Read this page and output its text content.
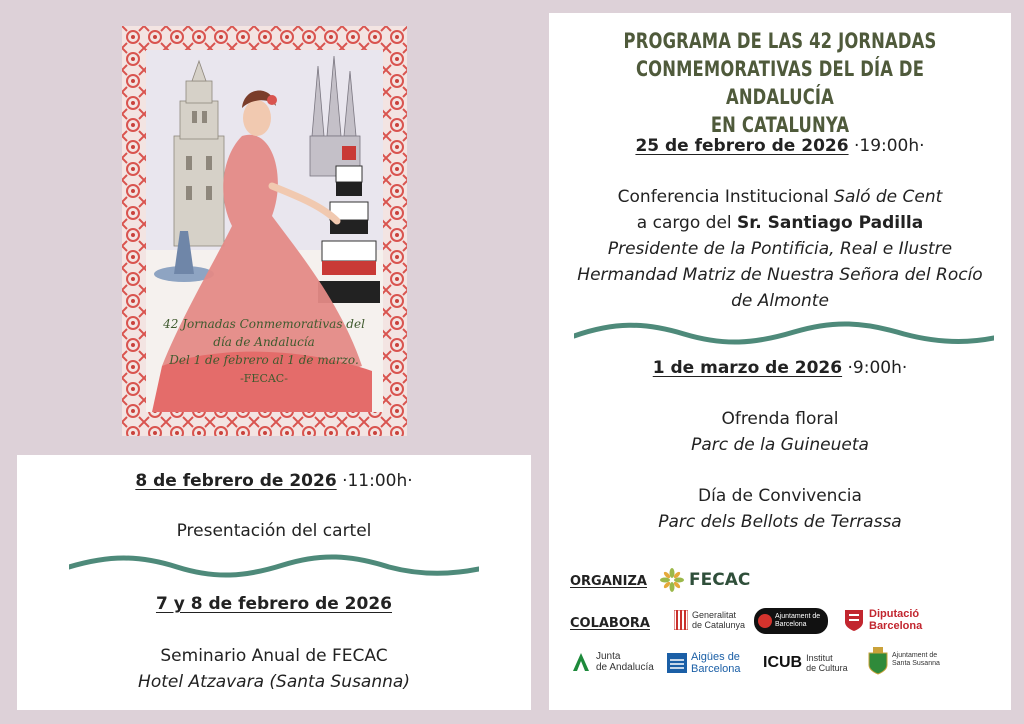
42 Jornadas Conmemorativas del
día de Andalucía
Del 1 de febrero al 1 de marzo.
-FECAC-
PROGRAMA DE LAS 42 JORNADAS
CONMEMORATIVAS DEL DÍA DE ANDALUCÍA
EN CATALUNYA
25 de febrero de 2026 ·19:00h·
Conferencia Institucional Saló de Cent
a cargo del Sr. Santiago Padilla
Presidente de la Pontificia, Real e Ilustre
Hermandad Matriz de Nuestra Señora del Rocío
de Almonte
1 de marzo de 2026 ·9:00h·
Ofrenda floral
Parc de la Guineueta
Día de Convivencia
Parc dels Bellots de Terrassa
ORGANIZA FECAC
COLABORA
Generalitat
de Catalunya
Ajuntament de
Barcelona
Diputació
Barcelona
Junta
de Andalucía
Aigües de
Barcelona ICUB Institut
de Cultura
Ajuntament de
Santa Susanna
8 de febrero de 2026 ·11:00h·
Presentación del cartel
7 y 8 de febrero de 2026
Seminario Anual de FECAC
Hotel Atzavara (Santa Susanna)
